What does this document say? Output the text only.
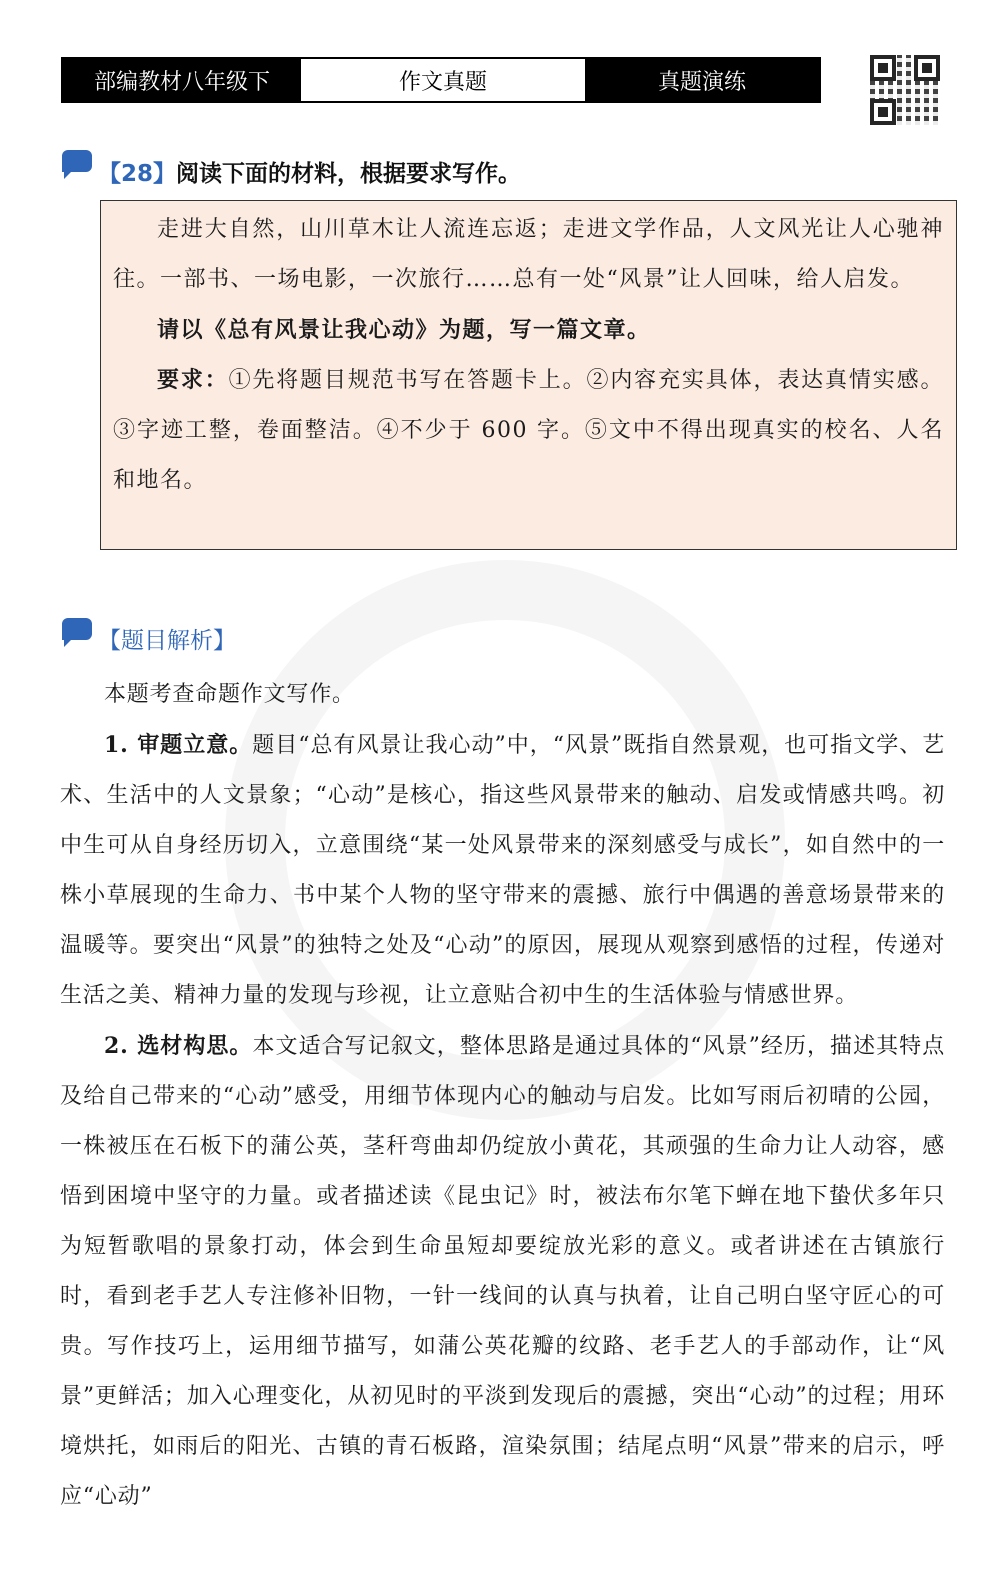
部编教材八年级下	作文真题	真题演练
【28】阅读下面的材料，根据要求写作。

走进大自然，山川草木让人流连忘返；走进文学作品，人文风光让人心驰神往。一部书、一场电影，一次旅行……总有一处“风景”让人回味，给人启发。

请以《总有风景让我心动》为题，写一篇文章。

要求：①先将题目规范书写在答题卡上。②内容充实具体，表达真情实感。③字迹工整，卷面整洁。④不少于 600 字。⑤文中不得出现真实的校名、人名和地名。

【题目解析】

本题考查命题作文写作。

1. 审题立意。题目“总有风景让我心动”中，“风景”既指自然景观，也可指文学、艺术、生活中的人文景象；“心动”是核心，指这些风景带来的触动、启发或情感共鸣。初中生可从自身经历切入，立意围绕“某一处风景带来的深刻感受与成长”，如自然中的一株小草展现的生命力、书中某个人物的坚守带来的震撼、旅行中偶遇的善意场景带来的温暖等。要突出“风景”的独特之处及“心动”的原因，展现从观察到感悟的过程，传递对生活之美、精神力量的发现与珍视，让立意贴合初中生的生活体验与情感世界。

2. 选材构思。本文适合写记叙文，整体思路是通过具体的“风景”经历，描述其特点及给自己带来的“心动”感受，用细节体现内心的触动与启发。比如写雨后初晴的公园，一株被压在石板下的蒲公英，茎秆弯曲却仍绽放小黄花，其顽强的生命力让人动容，感悟到困境中坚守的力量。或者描述读《昆虫记》时，被法布尔笔下蝉在地下蛰伏多年只为短暂歌唱的景象打动，体会到生命虽短却要绽放光彩的意义。或者讲述在古镇旅行时，看到老手艺人专注修补旧物，一针一线间的认真与执着，让自己明白坚守匠心的可贵。写作技巧上，运用细节描写，如蒲公英花瓣的纹路、老手艺人的手部动作，让“风景”更鲜活；加入心理变化，从初见时的平淡到发现后的震撼，突出“心动”的过程；用环境烘托，如雨后的阳光、古镇的青石板路，渲染氛围；结尾点明“风景”带来的启示，呼应“心动”
